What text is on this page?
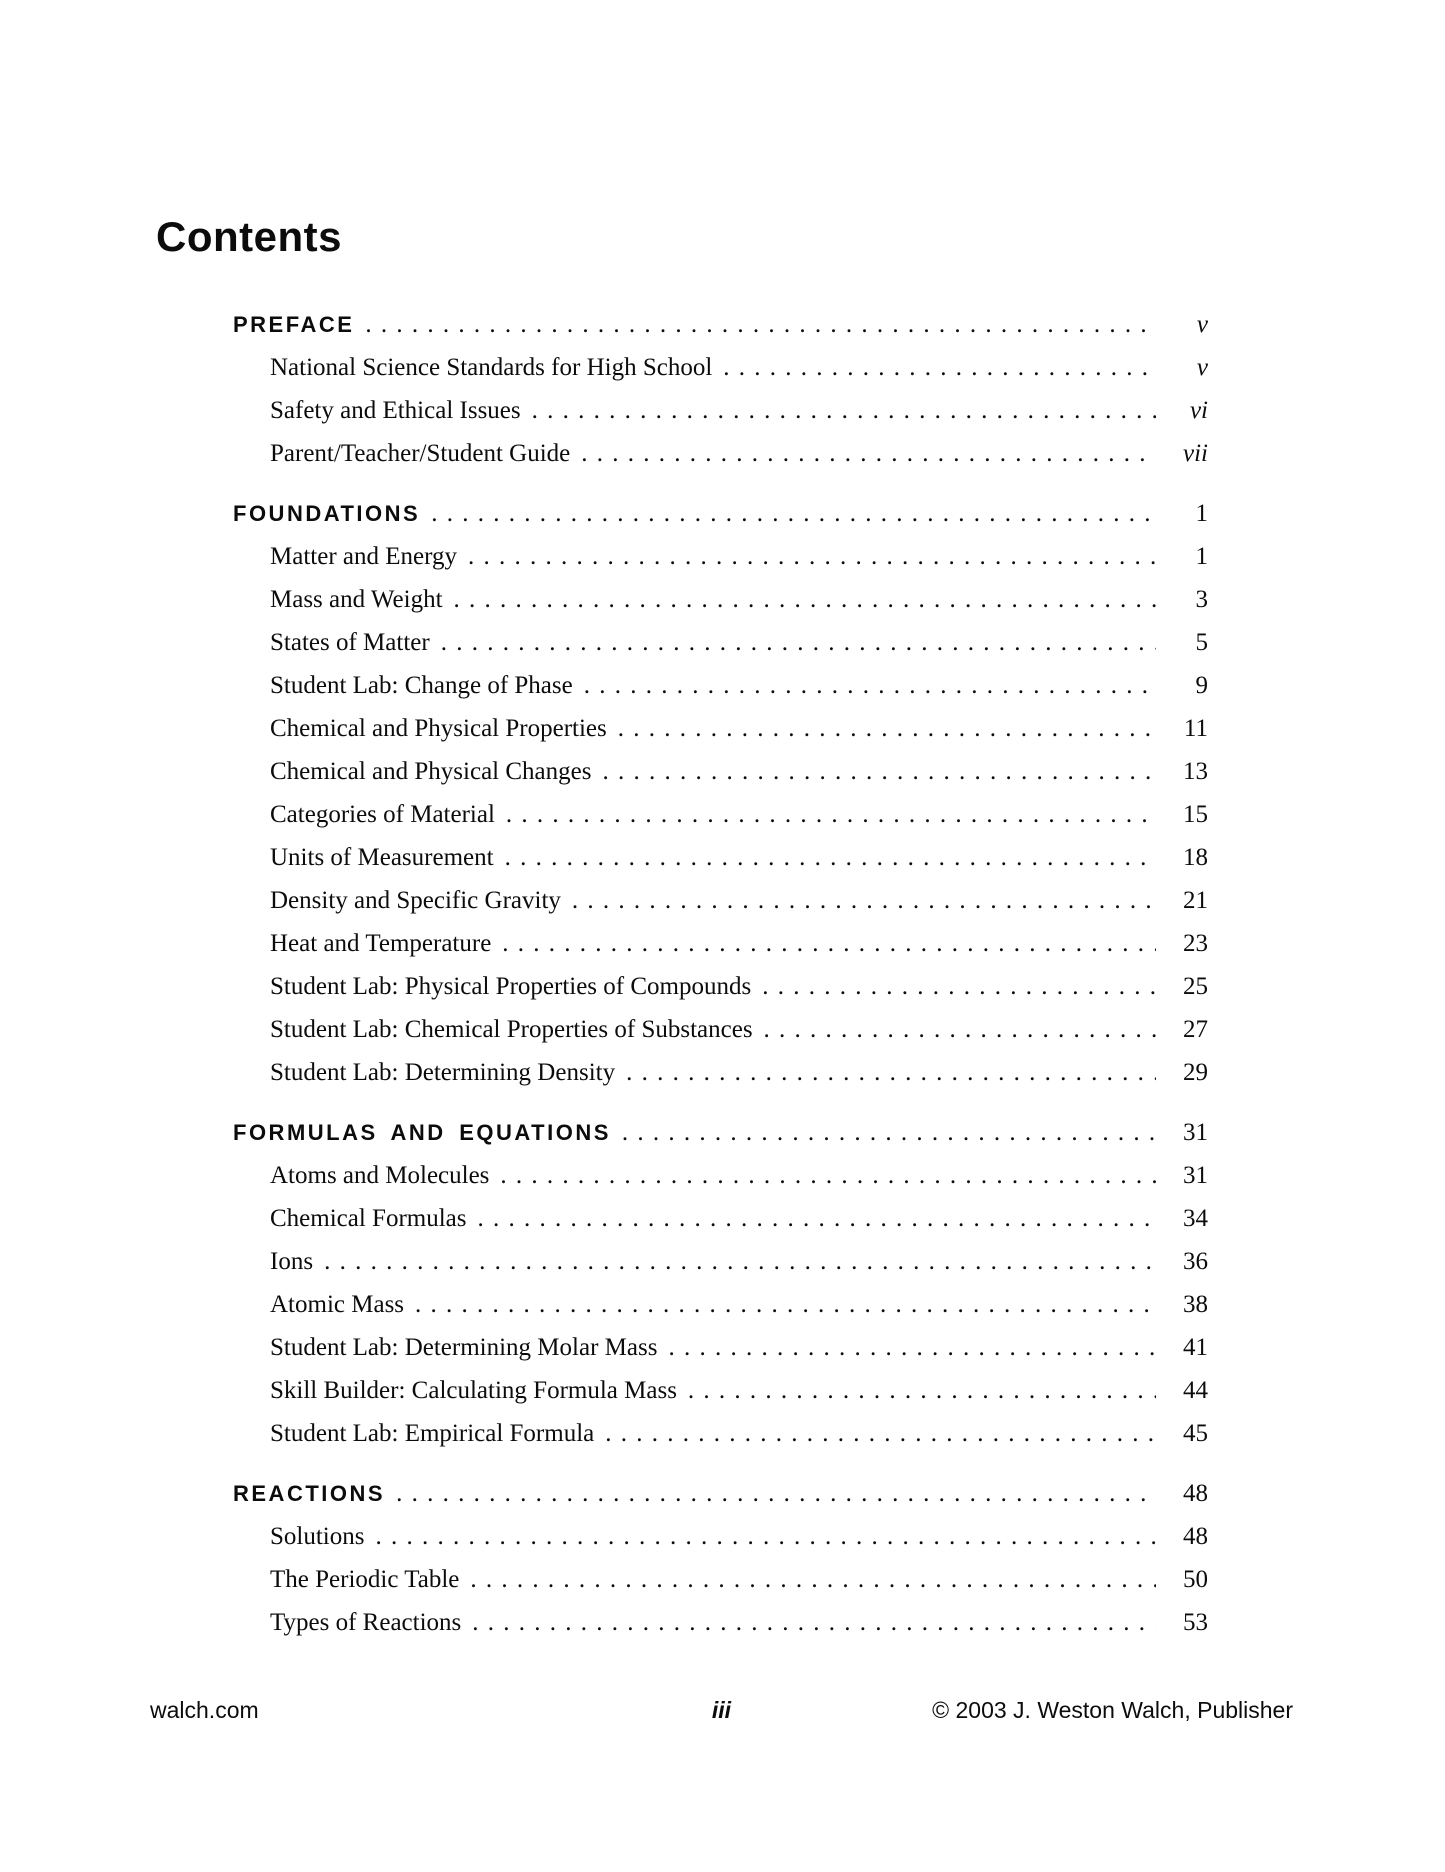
Contents
PREFACE . . .	v
National Science Standards for High School . . .	v
Safety and Ethical Issues . . .	vi
Parent/Teacher/Student Guide . . .	vii
FOUNDATIONS . . .	1
Matter and Energy . . .	1
Mass and Weight . . .	3
States of Matter . . .	5
Student Lab: Change of Phase . . .	9
Chemical and Physical Properties . . .	11
Chemical and Physical Changes . . .	13
Categories of Material . . .	15
Units of Measurement . . .	18
Density and Specific Gravity . . .	21
Heat and Temperature . . .	23
Student Lab: Physical Properties of Compounds . . .	25
Student Lab: Chemical Properties of Substances . . .	27
Student Lab: Determining Density . . .	29
FORMULAS AND EQUATIONS . . .	31
Atoms and Molecules . . .	31
Chemical Formulas . . .	34
Ions . . .	36
Atomic Mass . . .	38
Student Lab: Determining Molar Mass . . .	41
Skill Builder: Calculating Formula Mass . . .	44
Student Lab: Empirical Formula . . .	45
REACTIONS . . .	48
Solutions . . .	48
The Periodic Table . . .	50
Types of Reactions . . .	53
walch.com	iii	© 2003 J. Weston Walch, Publisher
